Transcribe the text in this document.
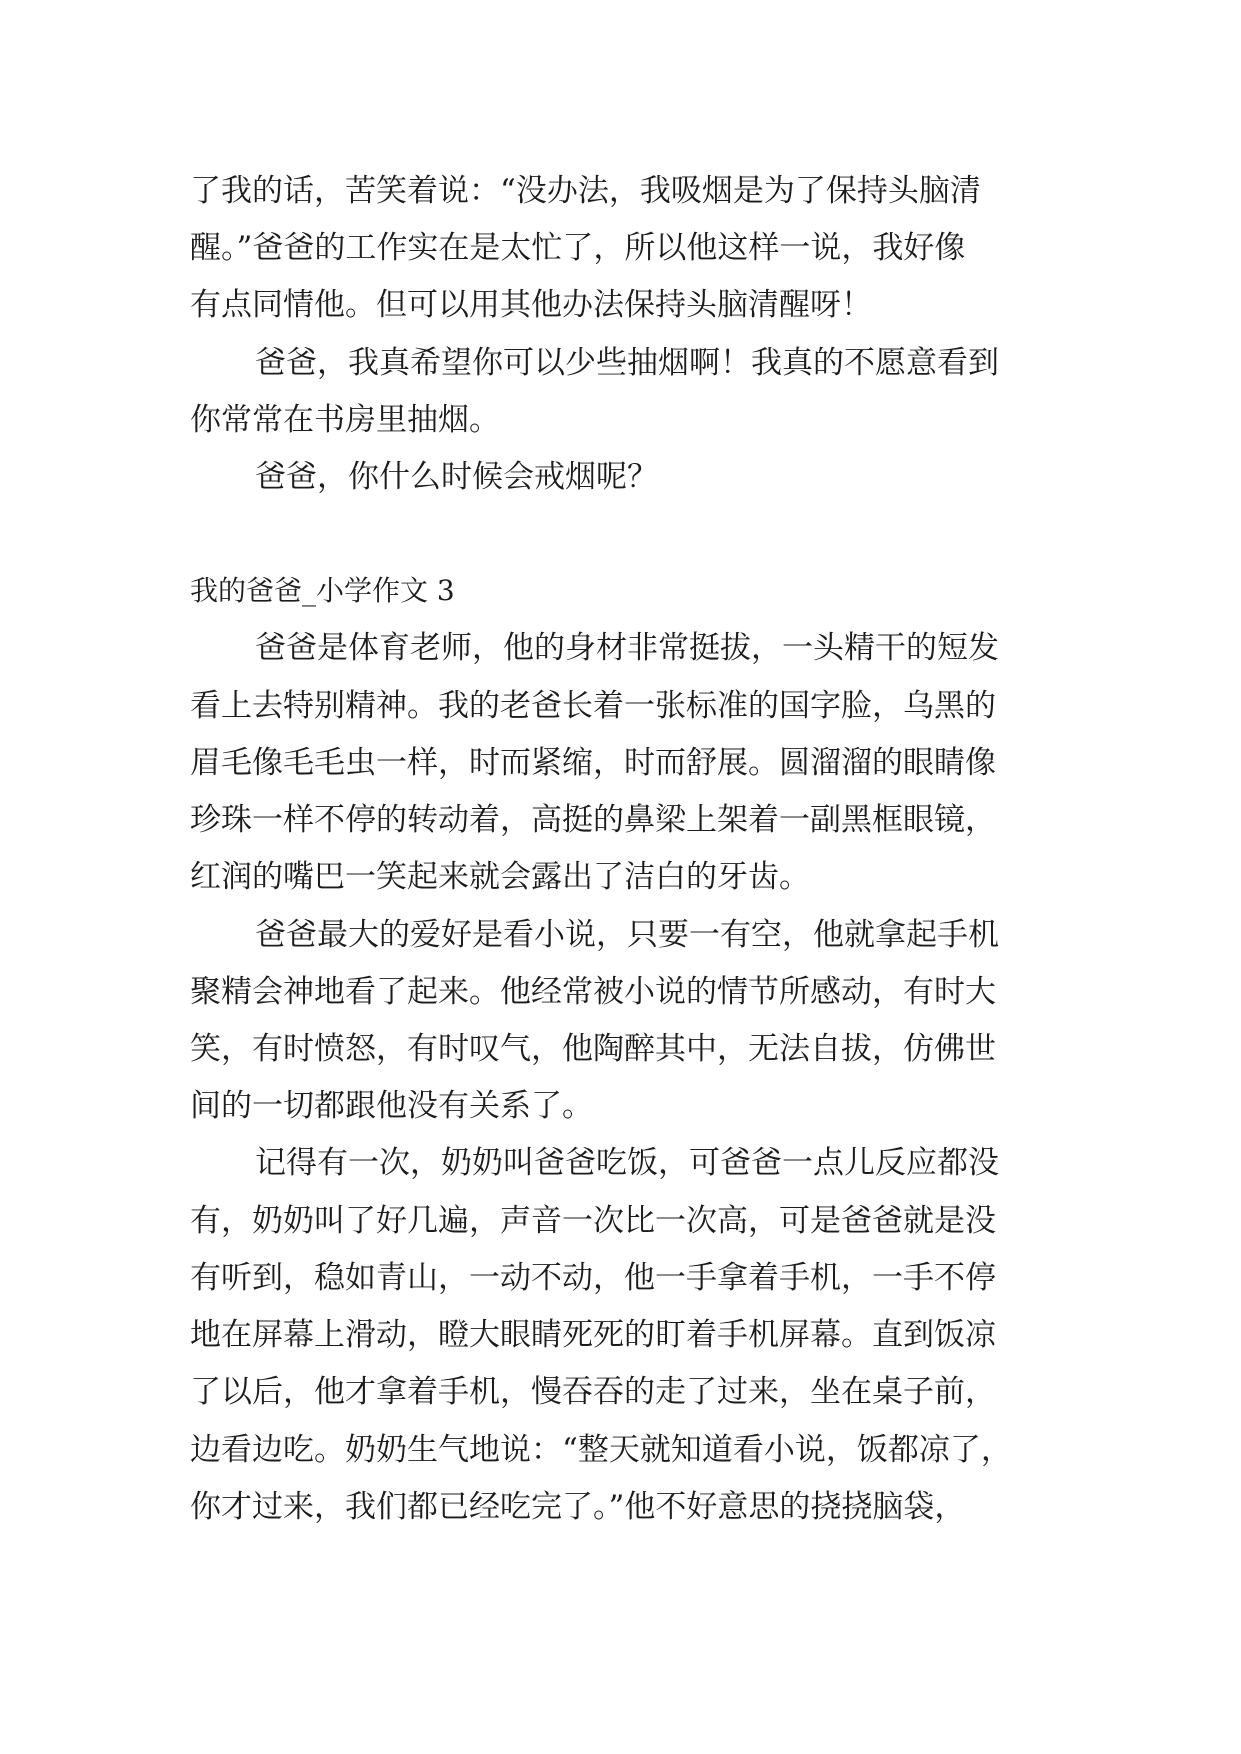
了我的话，苦笑着说：“没办法，我吸烟是为了保持头脑清

醒。”爸爸的工作实在是太忙了，所以他这样一说，我好像

有点同情他。但可以用其他办法保持头脑清醒呀！

爸爸，我真希望你可以少些抽烟啊！我真的不愿意看到

你常常在书房里抽烟。

爸爸，你什么时候会戒烟呢？

我的爸爸_小学作文 3

爸爸是体育老师，他的身材非常挺拔，一头精干的短发

看上去特别精神。我的老爸长着一张标准的国字脸，乌黑的

眉毛像毛毛虫一样，时而紧缩，时而舒展。圆溜溜的眼睛像

珍珠一样不停的转动着，高挺的鼻梁上架着一副黑框眼镜，

红润的嘴巴一笑起来就会露出了洁白的牙齿。

爸爸最大的爱好是看小说，只要一有空，他就拿起手机

聚精会神地看了起来。他经常被小说的情节所感动，有时大

笑，有时愤怒，有时叹气，他陶醉其中，无法自拔，仿佛世

间的一切都跟他没有关系了。

记得有一次，奶奶叫爸爸吃饭，可爸爸一点儿反应都没

有，奶奶叫了好几遍，声音一次比一次高，可是爸爸就是没

有听到，稳如青山，一动不动，他一手拿着手机，一手不停

地在屏幕上滑动，瞪大眼睛死死的盯着手机屏幕。直到饭凉

了以后，他才拿着手机，慢吞吞的走了过来，坐在桌子前，

边看边吃。奶奶生气地说：“整天就知道看小说，饭都凉了，

你才过来，我们都已经吃完了。”他不好意思的挠挠脑袋，
